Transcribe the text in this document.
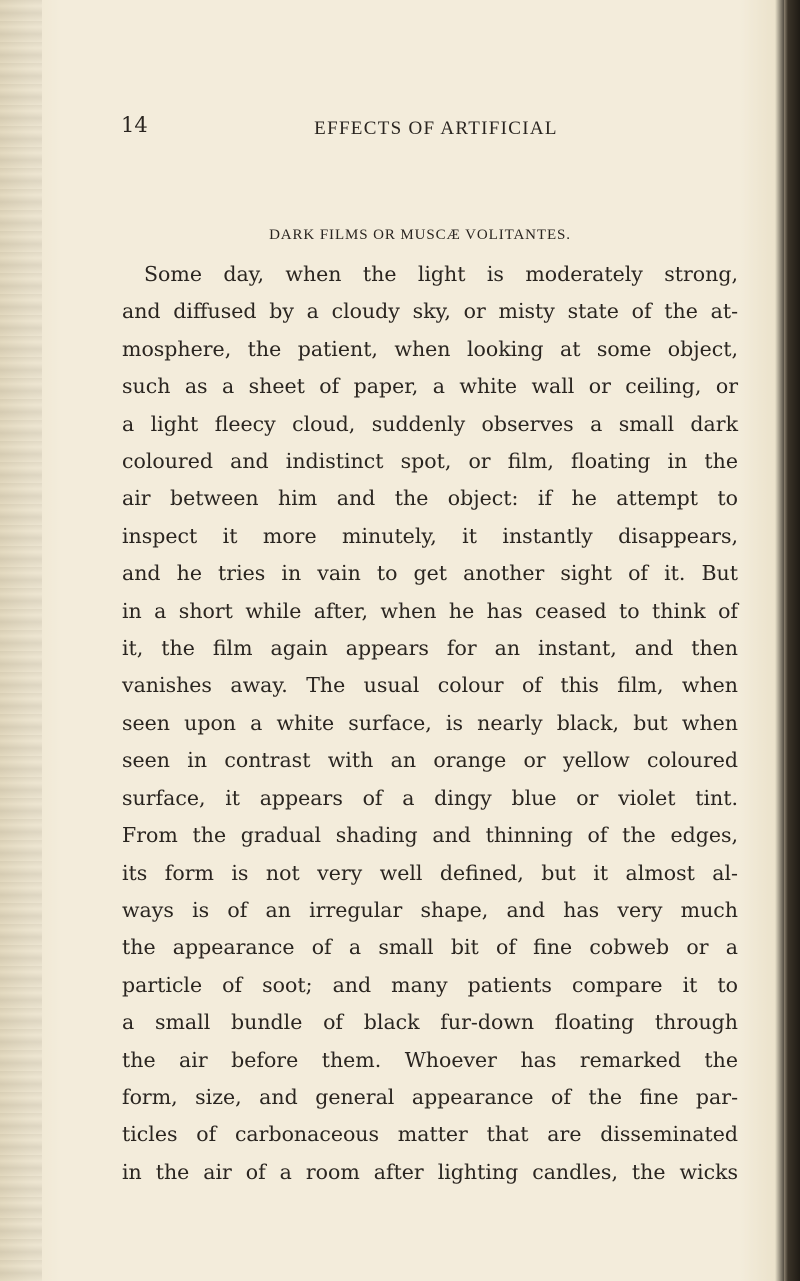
14	EFFECTS OF ARTIFICIAL
DARK FILMS OR MUSCÆ VOLITANTES.
Some day, when the light is moderately strong,
and diffused by a cloudy sky, or misty state of the at-
mosphere, the patient, when looking at some object,
such as a sheet of paper, a white wall or ceiling, or
a light fleecy cloud, suddenly observes a small dark
coloured and indistinct spot, or film, floating in the
air between him and the object: if he attempt to
inspect it more minutely, it instantly disappears,
and he tries in vain to get another sight of it. But
in a short while after, when he has ceased to think of
it, the film again appears for an instant, and then
vanishes away. The usual colour of this film, when
seen upon a white surface, is nearly black, but when
seen in contrast with an orange or yellow coloured
surface, it appears of a dingy blue or violet tint.
From the gradual shading and thinning of the edges,
its form is not very well defined, but it almost al-
ways is of an irregular shape, and has very much
the appearance of a small bit of fine cobweb or a
particle of soot; and many patients compare it to
a small bundle of black fur-down floating through
the air before them. Whoever has remarked the
form, size, and general appearance of the fine par-
ticles of carbonaceous matter that are disseminated
in the air of a room after lighting candles, the wicks
